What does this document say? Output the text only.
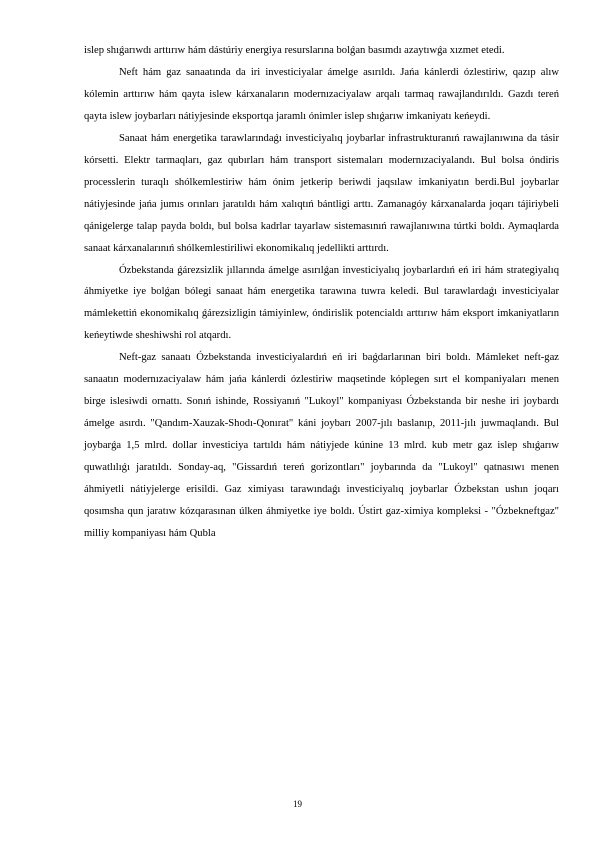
islep shıǵarıwdı arttırıw hám dástúriy energiya resurslarına bolǵan basımdı azaytıwǵa xızmet etedi.

Neft hám gaz sanaatında da iri investiciyalar ámelge asırıldı. Jańa kánlerdi ózlestiriw, qazıp alıw kólemin arttırıw hám qayta islew kárxanaların modernızaciyalaw arqalı tarmaq rawajlandırıldı. Gazdı tereń qayta islew joybarları nátiyjesinde eksportqa jaramlı ónimler islep shıǵarıw imkaniyatı keńeydi.

Sanaat hám energetika tarawlarındaǵı investiciyalıq joybarlar infrastrukturanıń rawajlanıwına da tásir kórsetti. Elektr tarmaqları, gaz qubırları hám transport sistemaları modernızaciyalandı. Bul bolsa óndiris processlerin turaqlı shólkemlestiriw hám ónim jetkerip beriwdi jaqsılaw imkaniyatın berdi.Bul joybarlar nátiyjesinde jańa jumıs orınları jaratıldı hám xalıqtıń bántligi arttı. Zamanagóy kárxanalarda joqarı tájiriybeli qánigelerge talap payda boldı, bul bolsa kadrlar tayarlaw sistemasınıń rawajlanıwına túrtki boldı. Aymaqlarda sanaat kárxanalarınıń shólkemlestiriliwi ekonomikalıq jedellikti arttırdı.

Ózbekstanda ǵárezsizlik jıllarında ámelge asırılǵan investiciyalıq joybarlardıń eń iri hám strategiyalıq áhmiyetke iye bolǵan bólegi sanaat hám energetika tarawına tuwra keledi. Bul tarawlardaǵı investiciyalar mámlekettiń ekonomikalıq ǵárezsizligin támiyinlew, óndirislik potencialdı arttırıw hám eksport imkaniyatların keńeytiwde sheshiwshi rol atqardı.

Neft-gaz sanaatı Ózbekstanda investiciyalardıń eń iri baǵdarlarınan biri boldı. Mámleket neft-gaz sanaatın modernızaciyalaw hám jańa kánlerdi ózlestiriw maqsetinde kóplegen sırt el kompaniyaları menen birge islesiwdi ornattı. Sonıń ishinde, Rossiyanıń "Lukoyl" kompaniyası Ózbekstanda bir neshe iri joybardı ámelge asırdı. "Qandım-Xauzak-Shodı-Qonırat" káni joybarı 2007-jılı baslanıp, 2011-jılı juwmaqlandı. Bul joybarǵa 1,5 mlrd. dollar investiciya tartıldı hám nátiyjede kúnine 13 mlrd. kub metr gaz islep shıǵarıw quwatlılıǵı jaratıldı. Sonday-aq, "Gissardıń tereń gorizontları" joybarında da "Lukoyl" qatnasıwı menen áhmiyetli nátiyjelerge erisildi. Gaz ximiyası tarawındaǵı investiciyalıq joybarlar Ózbekstan ushın joqarı qosımsha qun jaratıw kózqarasınan úlken áhmiyetke iye boldı. Ústirt gaz-ximiya kompleksi - "Ózbekneftgaz" milliy kompaniyası hám Qubla

19
